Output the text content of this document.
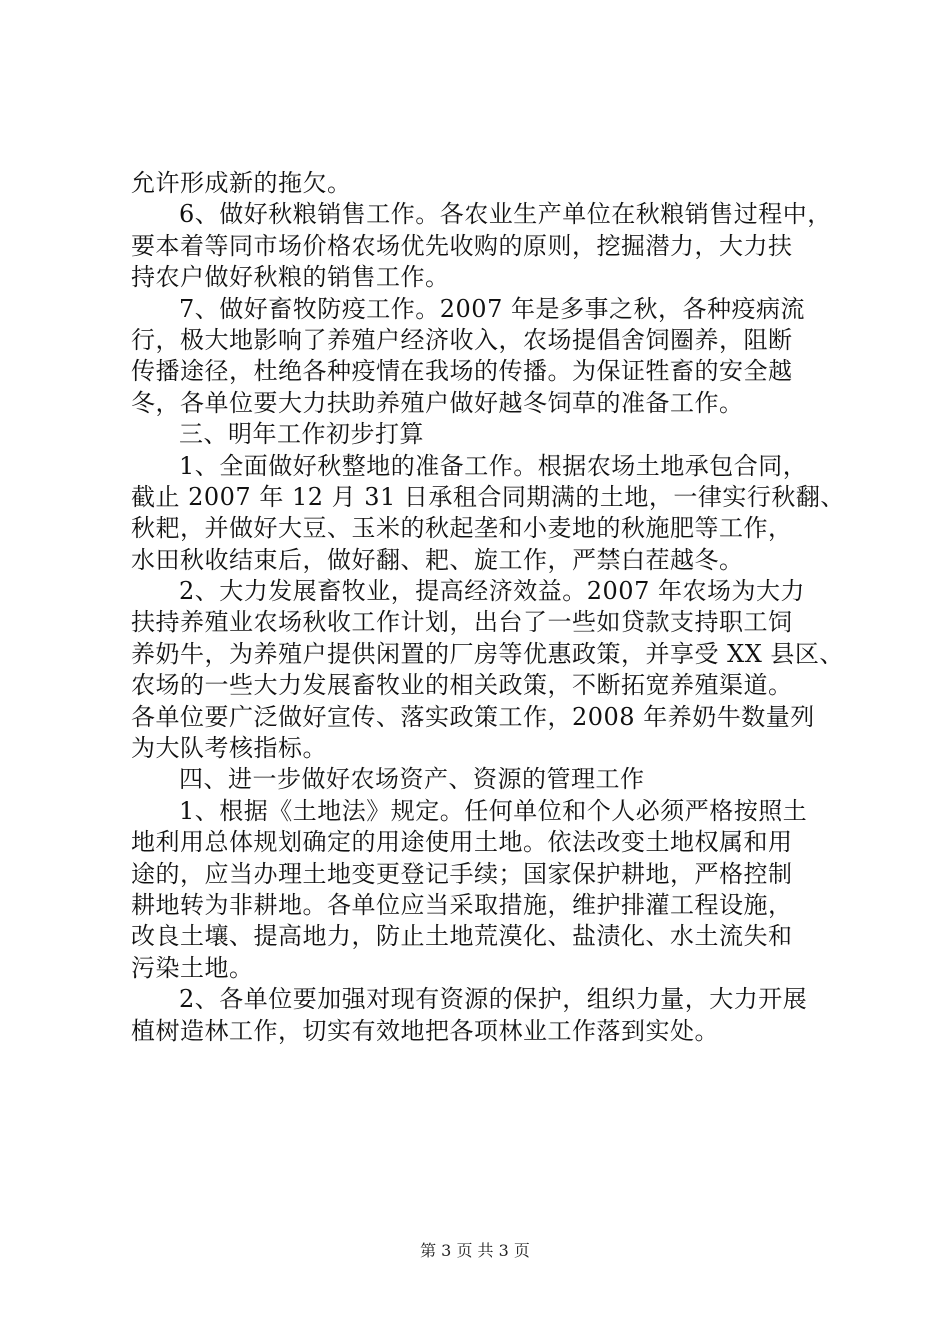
允许形成新的拖欠。
6、做好秋粮销售工作。各农业生产单位在秋粮销售过程中，
要本着等同市场价格农场优先收购的原则，挖掘潜力，大力扶
持农户做好秋粮的销售工作。
7、做好畜牧防疫工作。2007 年是多事之秋，各种疫病流
行，极大地影响了养殖户经济收入，农场提倡舍饲圈养，阻断
传播途径，杜绝各种疫情在我场的传播。为保证牲畜的安全越
冬，各单位要大力扶助养殖户做好越冬饲草的准备工作。
三、明年工作初步打算
1、全面做好秋整地的准备工作。根据农场土地承包合同，
截止 2007 年 12 月 31 日承租合同期满的土地，一律实行秋翻、
秋耙，并做好大豆、玉米的秋起垄和小麦地的秋施肥等工作，
水田秋收结束后，做好翻、耙、旋工作，严禁白茬越冬。
2、大力发展畜牧业，提高经济效益。2007 年农场为大力
扶持养殖业农场秋收工作计划，出台了一些如贷款支持职工饲
养奶牛，为养殖户提供闲置的厂房等优惠政策，并享受 XX 县区、
农场的一些大力发展畜牧业的相关政策，不断拓宽养殖渠道。
各单位要广泛做好宣传、落实政策工作，2008 年养奶牛数量列
为大队考核指标。
四、进一步做好农场资产、资源的管理工作
1、根据《土地法》规定。任何单位和个人必须严格按照土
地利用总体规划确定的用途使用土地。依法改变土地权属和用
途的，应当办理土地变更登记手续；国家保护耕地，严格控制
耕地转为非耕地。各单位应当采取措施，维护排灌工程设施，
改良土壤、提高地力，防止土地荒漠化、盐渍化、水土流失和
污染土地。
2、各单位要加强对现有资源的保护，组织力量，大力开展
植树造林工作，切实有效地把各项林业工作落到实处。
第 3 页 共 3 页
